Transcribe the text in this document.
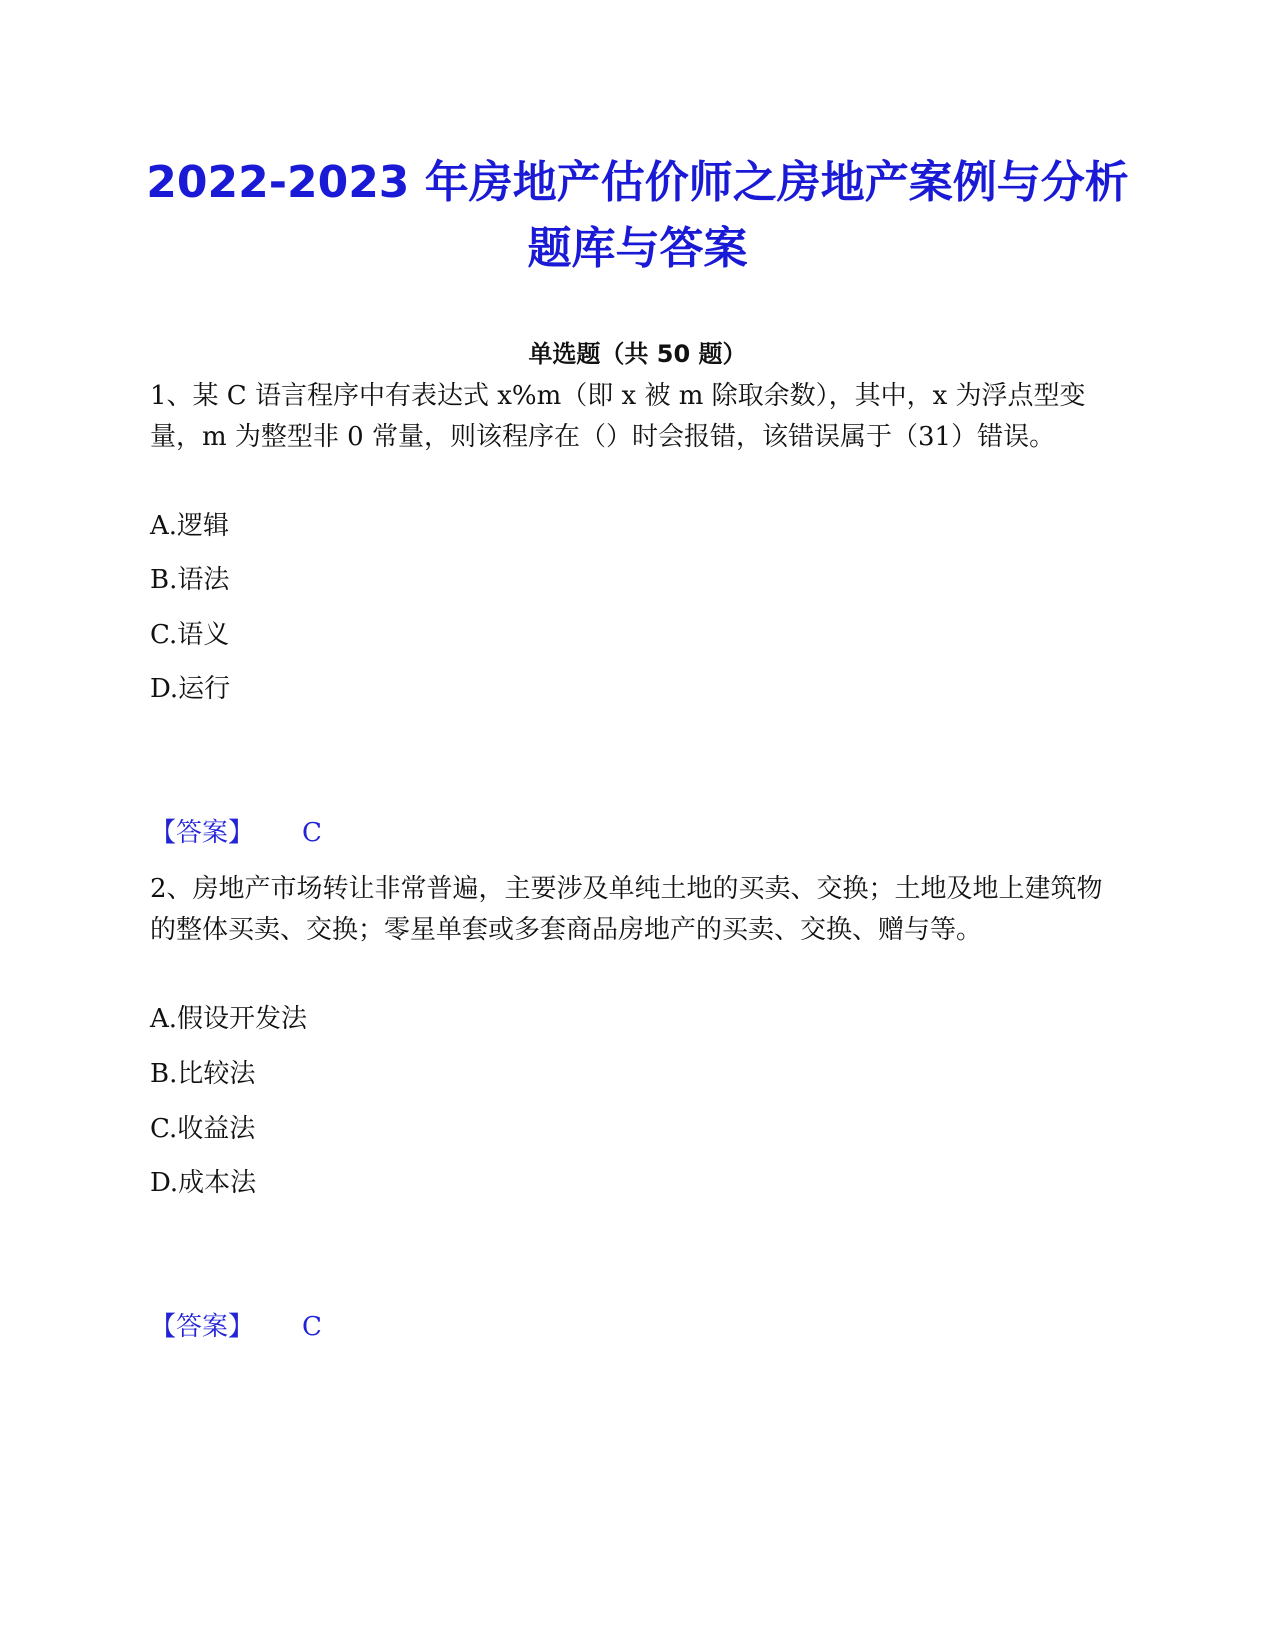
2022-2023 年房地产估价师之房地产案例与分析题库与答案
单选题（共 50 题）
1、某 C 语言程序中有表达式 x%m（即 x 被 m 除取余数），其中，x 为浮点型变量，m 为整型非 0 常量，则该程序在（）时会报错，该错误属于（31）错误。
A.逻辑
B.语法
C.语义
D.运行
【答案】 C
2、房地产市场转让非常普遍，主要涉及单纯土地的买卖、交换；土地及地上建筑物的整体买卖、交换；零星单套或多套商品房地产的买卖、交换、赠与等。
A.假设开发法
B.比较法
C.收益法
D.成本法
【答案】 C
